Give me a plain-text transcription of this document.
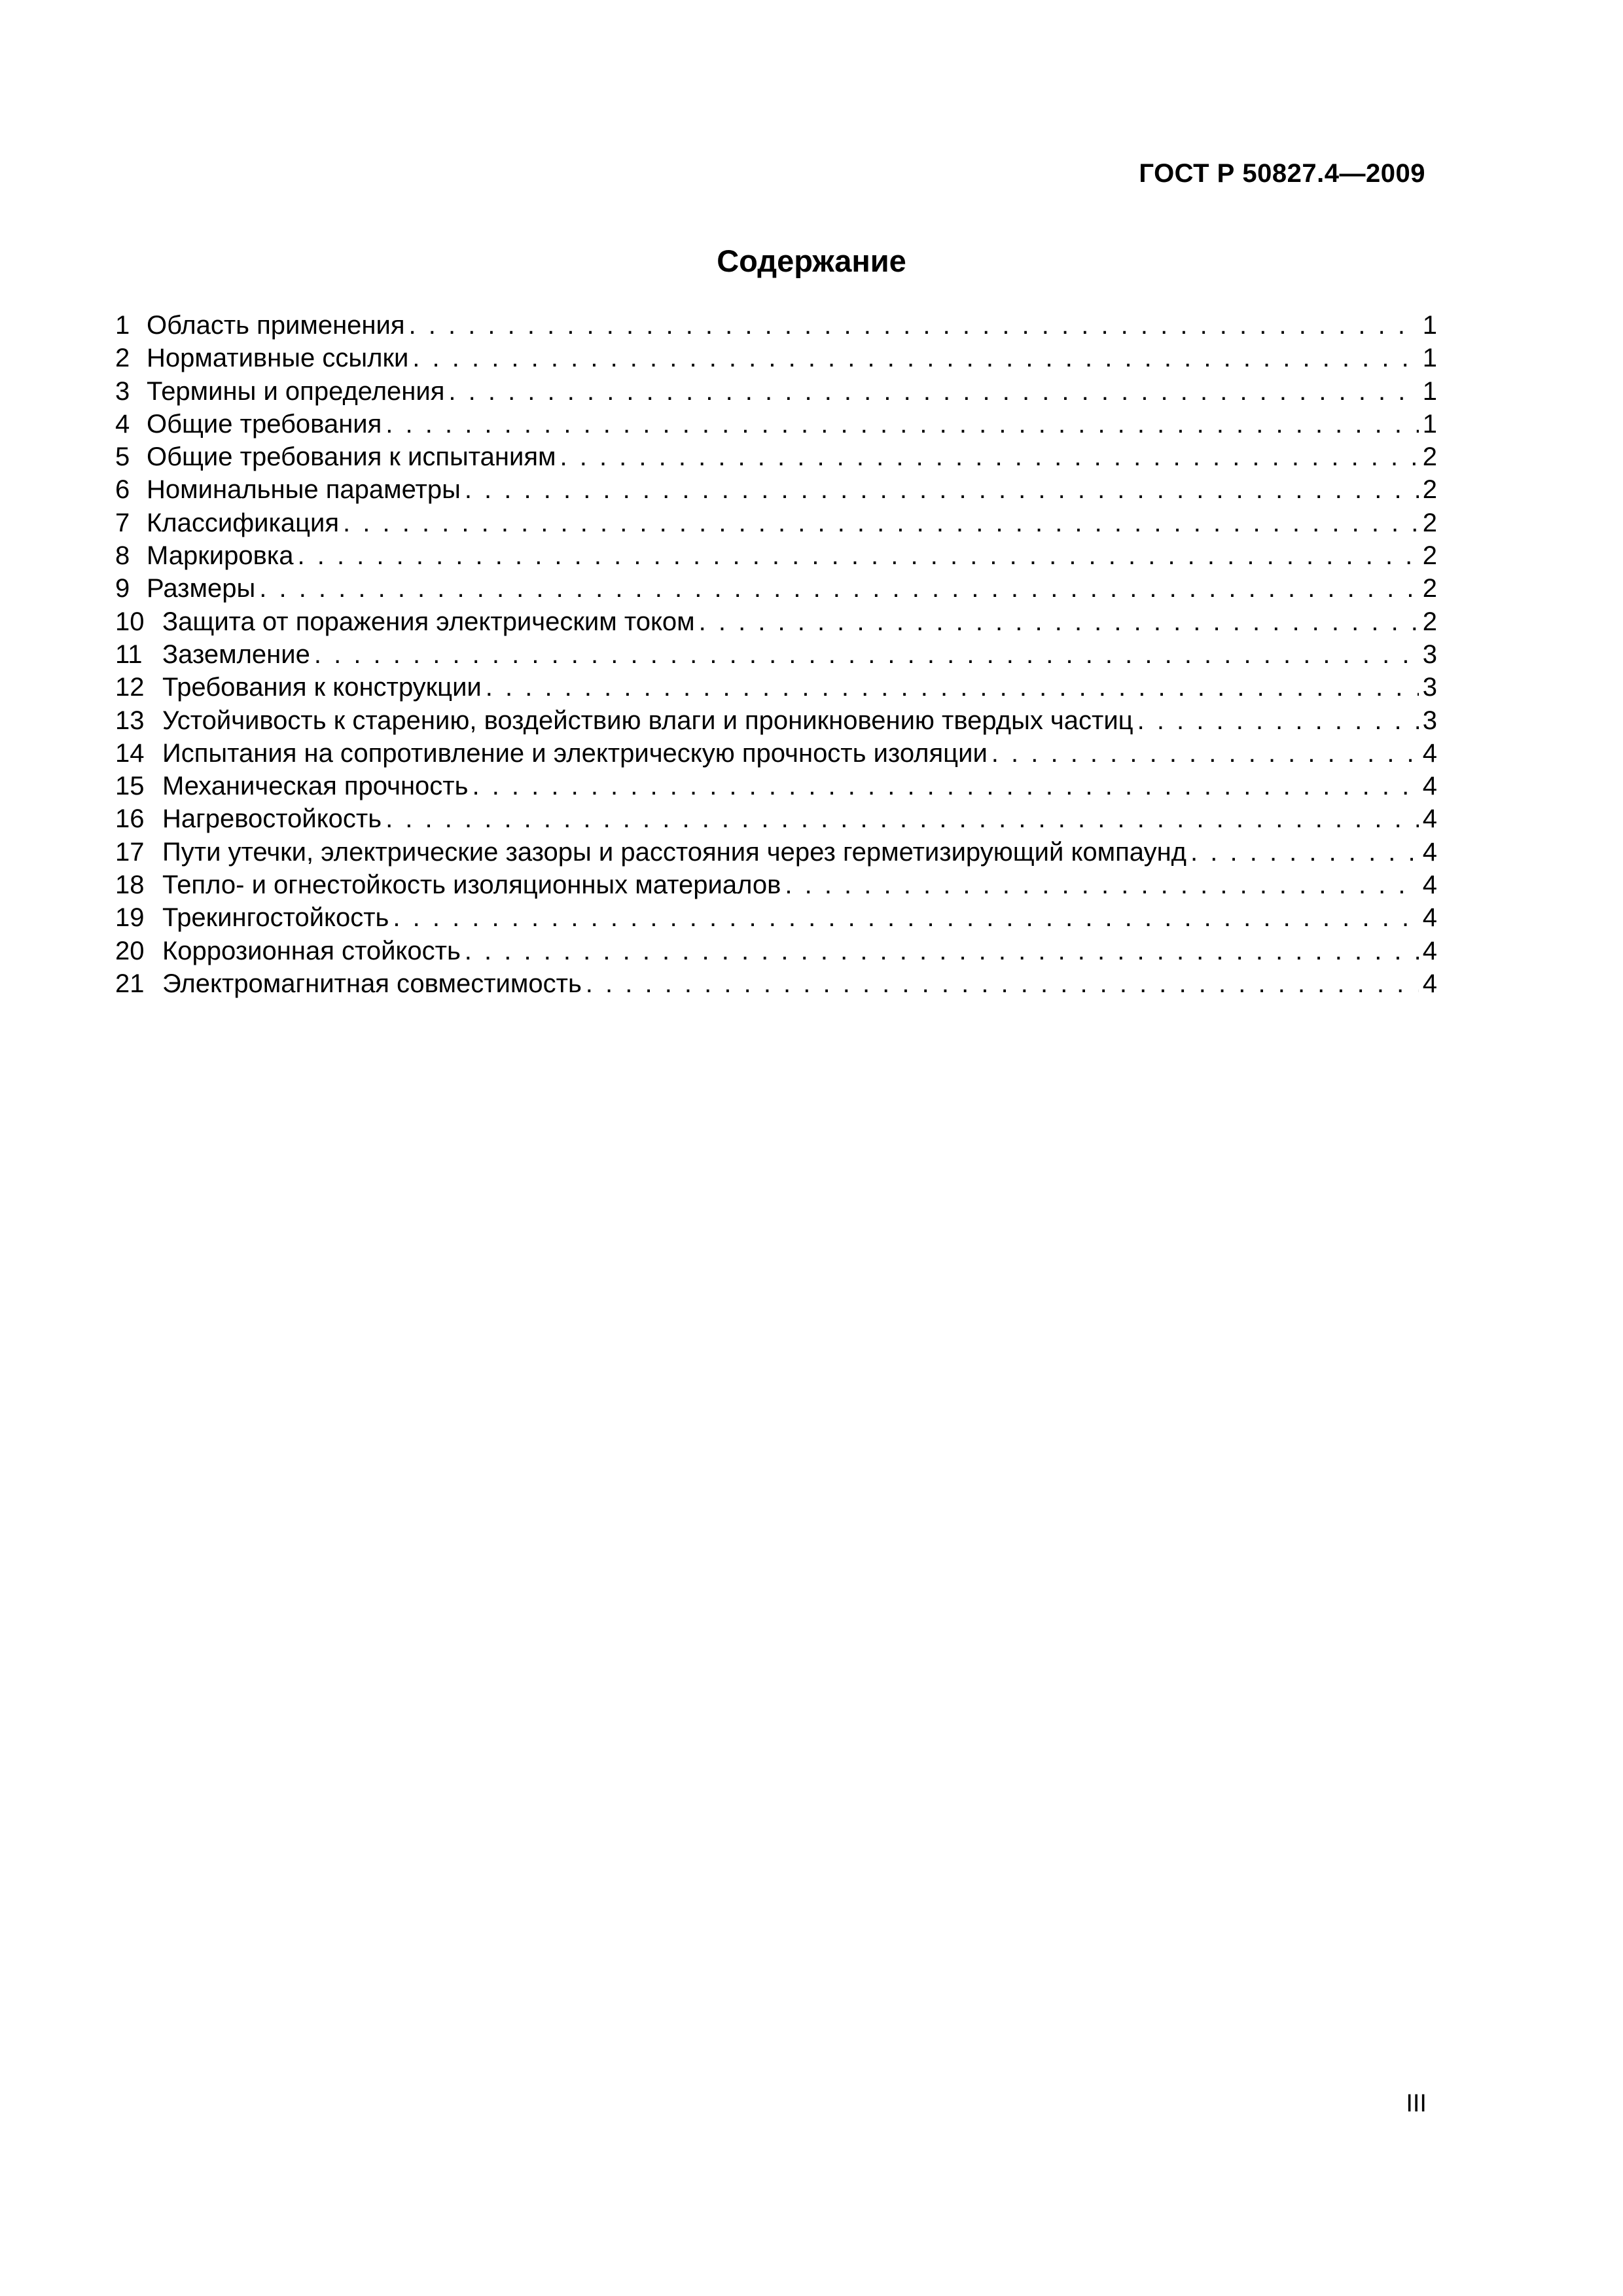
ГОСТ Р 50827.4—2009
Содержание
1 Область применения . . .	1
2 Нормативные ссылки . . .	1
3 Термины и определения . . .	1
4 Общие требования . . .	1
5 Общие требования к испытаниям . . .	2
6 Номинальные параметры . . .	2
7 Классификация . . .	2
8 Маркировка . . .	2
9 Размеры . . .	2
10 Защита от поражения электрическим током . . .	2
11 Заземление . . .	3
12 Требования к конструкции . . .	3
13 Устойчивость к старению, воздействию влаги и проникновению твердых частиц . . .	3
14 Испытания на сопротивление и электрическую прочность изоляции . . .	4
15 Механическая прочность . . .	4
16 Нагревостойкость . . .	4
17 Пути утечки, электрические зазоры и расстояния через герметизирующий компаунд . . .	4
18 Тепло- и огнестойкость изоляционных материалов . . .	4
19 Трекингостойкость . . .	4
20 Коррозионная стойкость . . .	4
21 Электромагнитная совместимость . . .	4
III
